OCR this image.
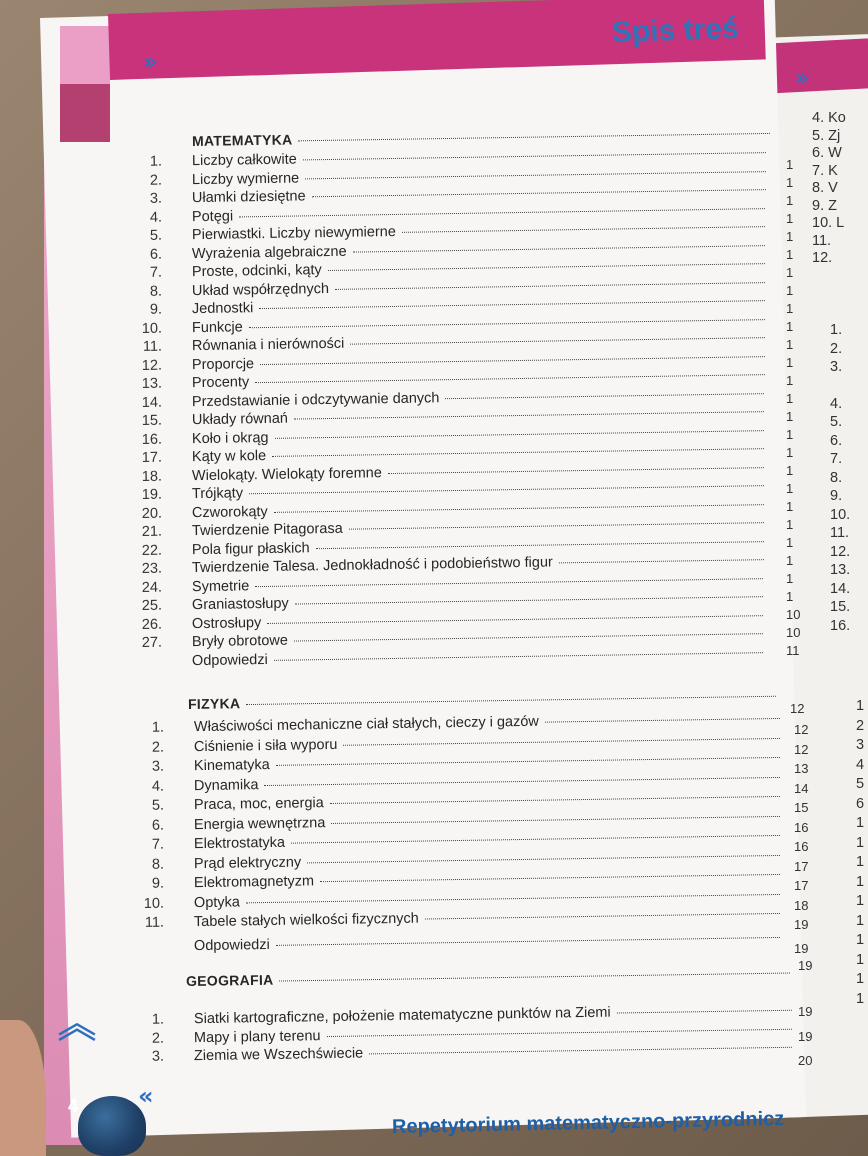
»
Spis treś
»
MATEMATYKA
1. Liczby całkowite
2. Liczby wymierne
3. Ułamki dziesiętne
4. Potęgi
5. Pierwiastki. Liczby niewymierne
6. Wyrażenia algebraiczne
7. Proste, odcinki, kąty
8. Układ współrzędnych
9. Jednostki
10. Funkcje
11. Równania i nierówności
12. Proporcje
13. Procenty
14. Przedstawianie i odczytywanie danych
15. Układy równań
16. Koło i okrąg
17. Kąty w kole
18. Wielokąty. Wielokąty foremne
19. Trójkąty
20. Czworokąty
21. Twierdzenie Pitagorasa
22. Pola figur płaskich
23. Twierdzenie Talesa. Jednokładność i podobieństwo figur
24. Symetrie
25. Graniastosłupy
26. Ostrosłupy
27. Bryły obrotowe
Odpowiedzi
FIZYKA
1. Właściwości mechaniczne ciał stałych, cieczy i gazów
2. Ciśnienie i siła wyporu
3. Kinematyka
4. Dynamika
5. Praca, moc, energia
6. Energia wewnętrzna
7. Elektrostatyka
8. Prąd elektryczny
9. Elektromagnetyzm
10. Optyka
11. Tabele stałych wielkości fizycznych
Odpowiedzi
GEOGRAFIA
1. Siatki kartograficzne, położenie matematyczne punktów na Ziemi
2. Mapy i plany terenu
3. Ziemia we Wszechświecie
4. Ko
5. Zj
6. W
7. K
8. V
9. Z
10. L
11.
12.
1.
2.
3.
4.
5.
6.
7.
8.
9.
10.
11.
12.
13.
14.
15.
16.
1
2
3
4
5
6
1
1
1
1
1
1
1
1
1
1
︽
«
4
Repetytorium matematyczno-przyrodnicz
1
1
1
1
1
1
1
1
1
1
1
1
1
1
1
1
1
1
1
1
1
1
1
1
1
10
10
11
12
12
12
13
14
15
16
16
17
17
18
19
19
19
19
20
19
